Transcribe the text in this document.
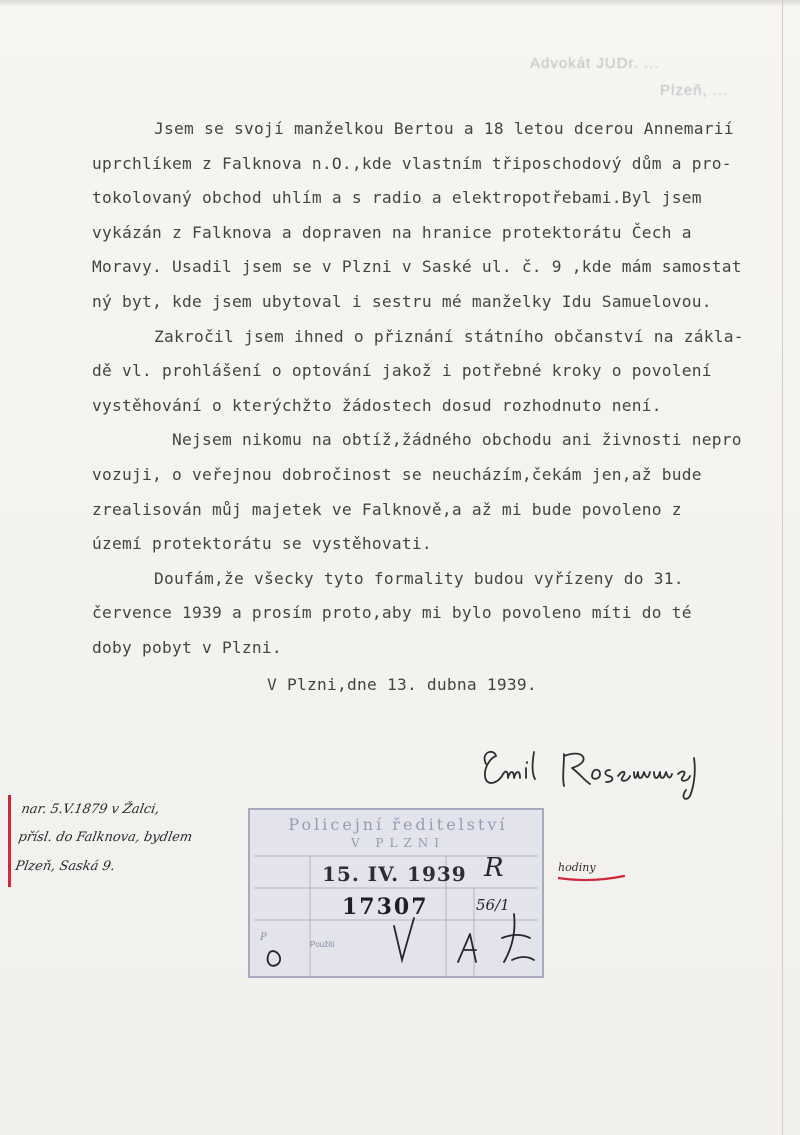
Advokát JUDr. ...
Plzeň, ...
Jsem se svojí manželkou Bertou a 18 letou dcerou Annemarií
uprchlíkem z Falknova n.O.,kde vlastním třiposchodový dům a pro-
tokolovaný obchod uhlím a s radio a elektropotřebami.Byl jsem
vykázán z Falknova a dopraven na hranice protektorátu Čech a
Moravy. Usadil jsem se v Plzni v Saské ul. č. 9 ,kde mám samostat
ný byt, kde jsem ubytoval i sestru mé manželky Idu Samuelovou.
Zakročil jsem ihned o přiznání státního občanství na zákla-
dě vl. prohlášení o optování jakož i potřebné kroky o povolení
vystěhování o kterýchžto žádostech dosud rozhodnuto není.
Nejsem nikomu na obtíž,žádného obchodu ani živnosti nepro
vozuji, o veřejnou dobročinost se neucházím,čekám jen,až bude
zrealisován můj majetek ve Falknově,a až mi bude povoleno z
území protektorátu se vystěhovati.
Doufám,že všecky tyto formality budou vyřízeny do 31.
července 1939 a prosím proto,aby mi bylo povoleno míti do té
doby pobyt v Plzni.
V Plzni,dne 13. dubna 1939.
nar. 5.V.1879 v Žalci,
přísl. do Falknova, bydlem
Plzeň, Saská 9.
Policejní ředitelství
V PLZNI
15. IV. 1939
17307
Použití
R
56/1
P
hodiny
